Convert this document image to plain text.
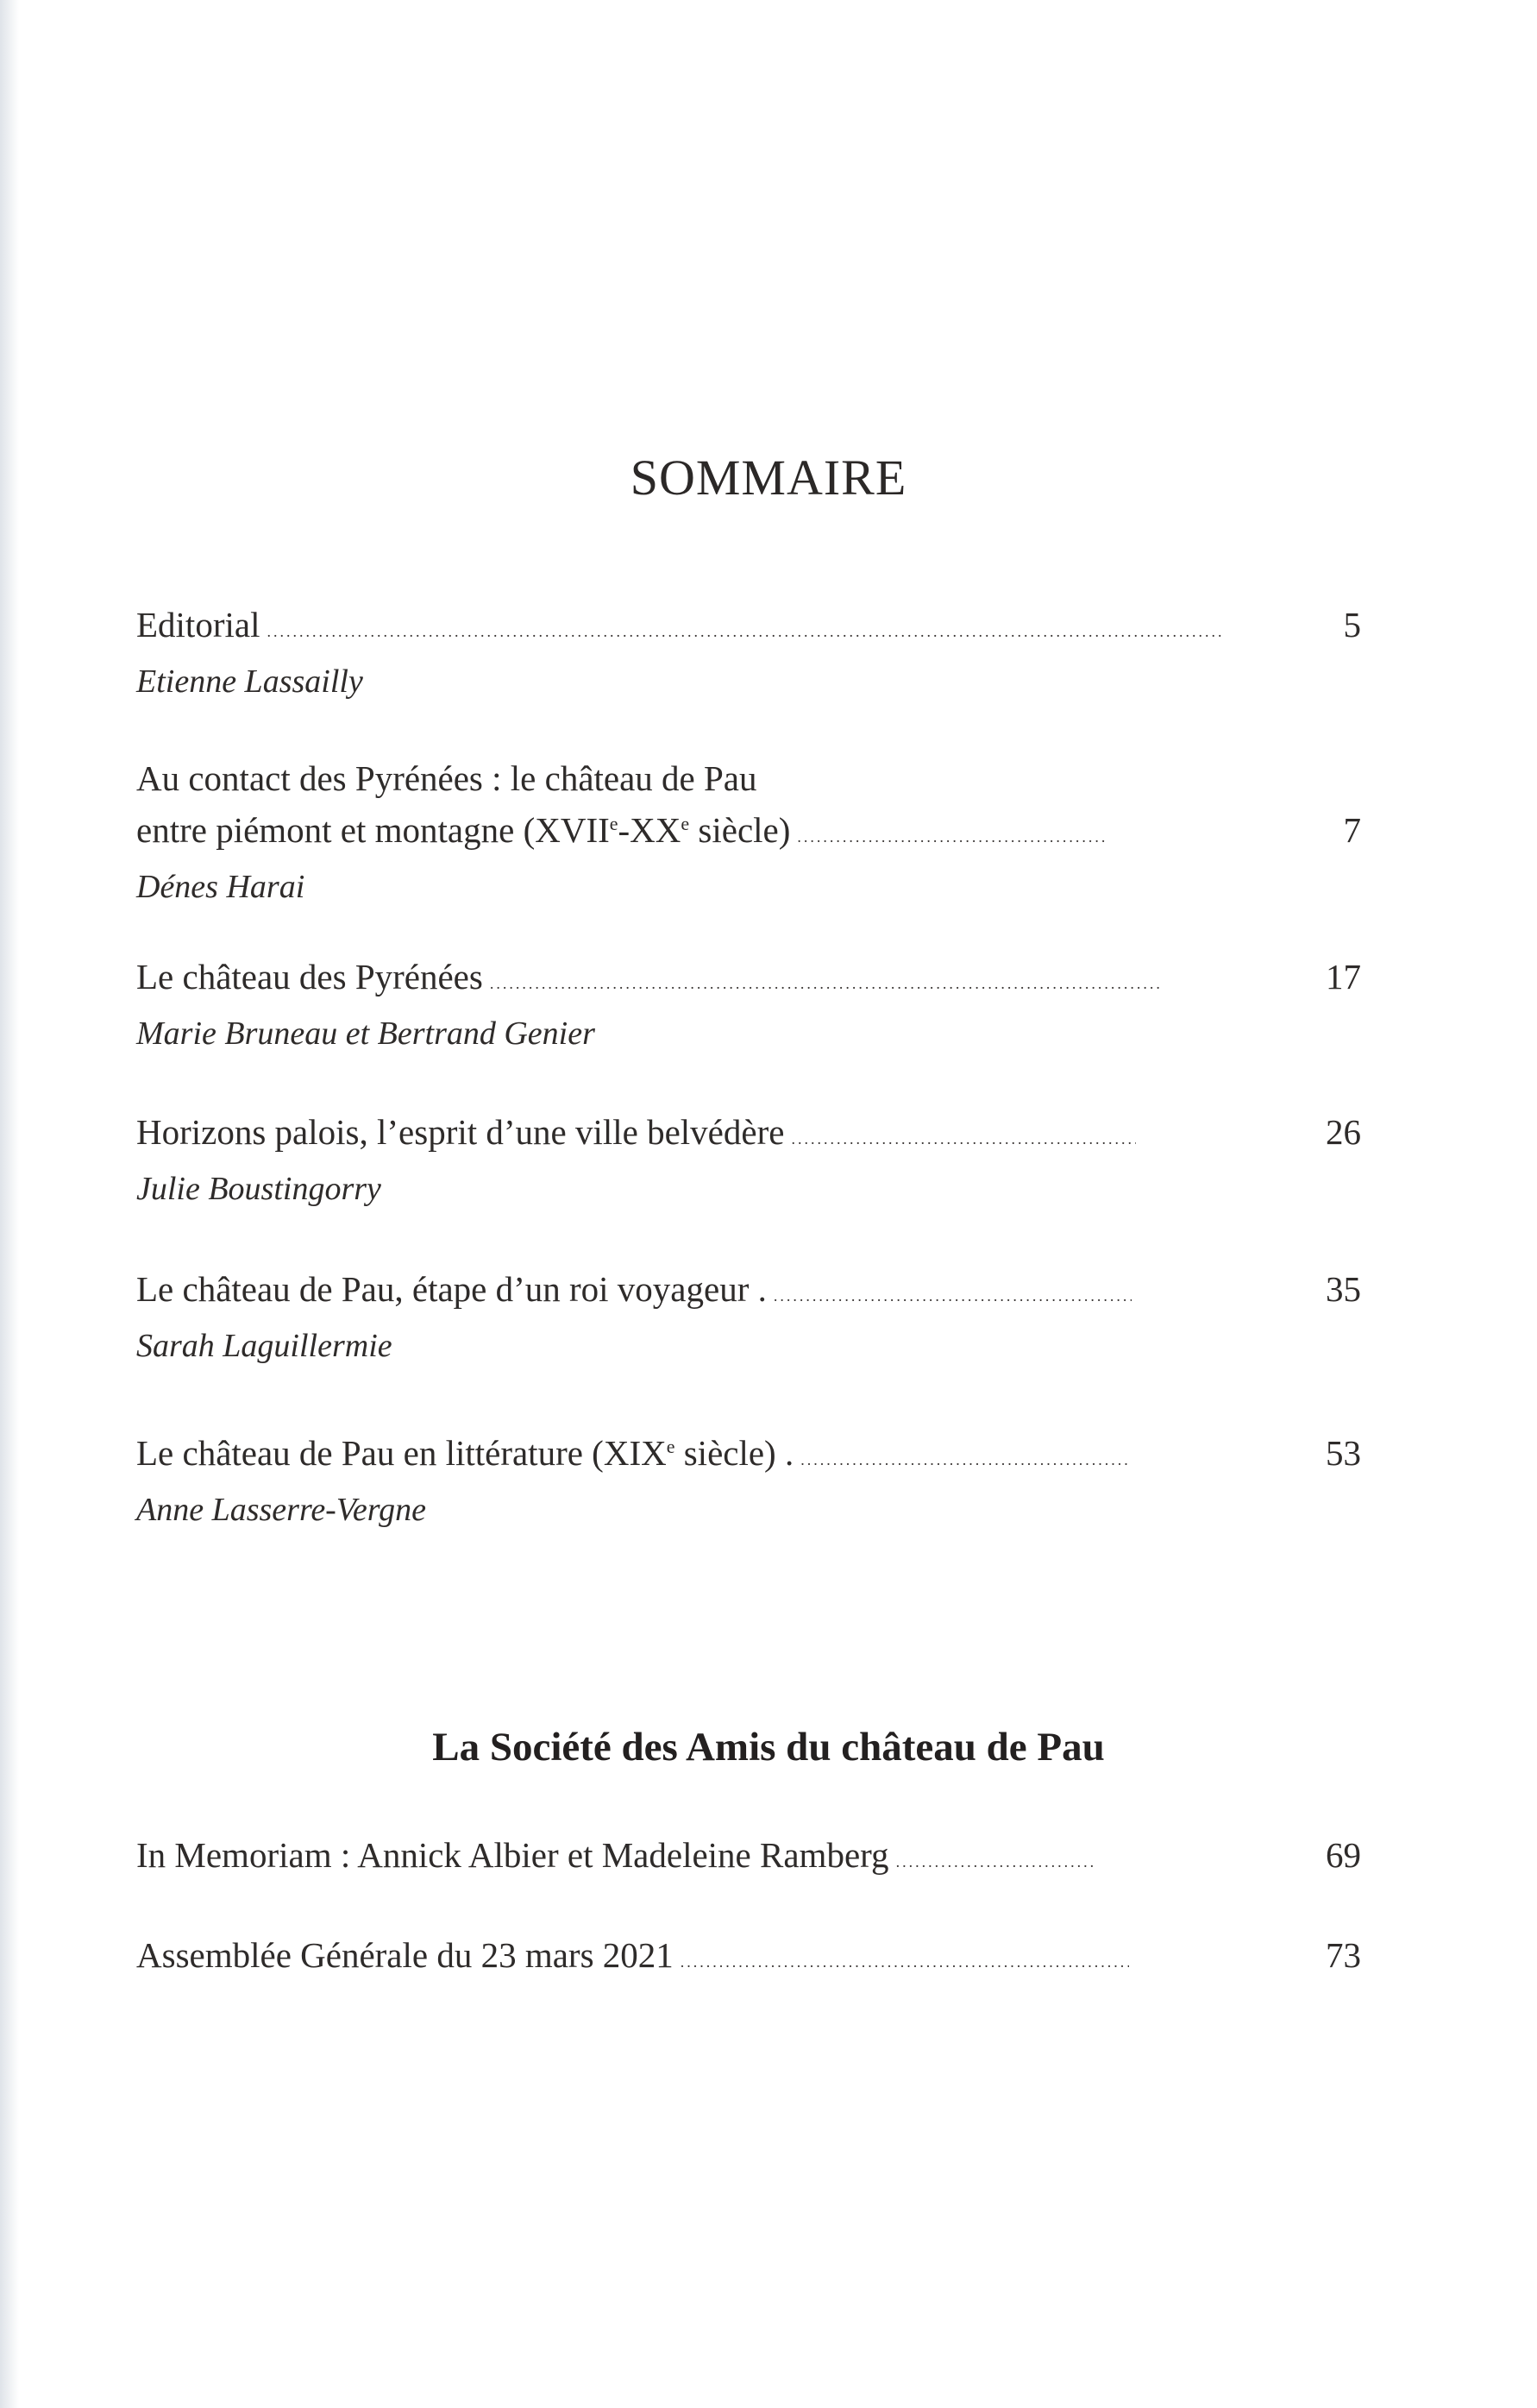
SOMMAIRE
Editorial .....	5
Etienne Lassailly
Au contact des Pyrénées : le château de Pau
entre piémont et montagne (XVIIe-XXe siècle) .....	7
Dénes Harai
Le château des Pyrénées .....	17
Marie Bruneau et Bertrand Genier
Horizons palois, l’esprit d’une ville belvédère .....	26
Julie Boustingorry
Le château de Pau, étape d’un roi voyageur . .....	35
Sarah Laguillermie
Le château de Pau en littérature (XIXe siècle) . .....	53
Anne Lasserre-Vergne
La Société des Amis du château de Pau
In Memoriam : Annick Albier et Madeleine Ramberg .....	69
Assemblée Générale du 23 mars 2021 .....	73
